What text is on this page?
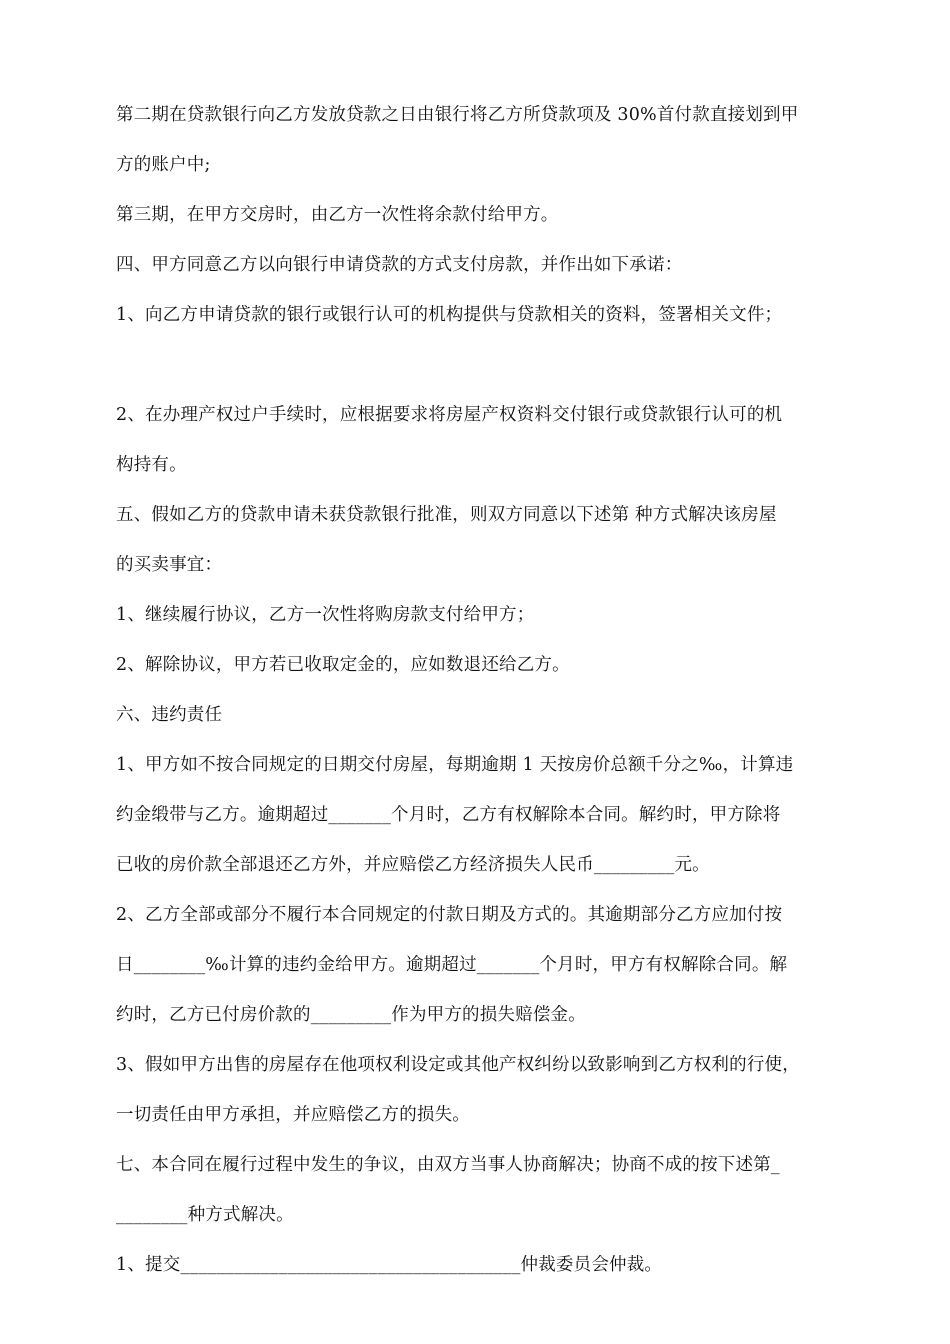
第二期在贷款银行向乙方发放贷款之日由银行将乙方所贷款项及 30%首付款直接划到甲
方的账户中;
第三期，在甲方交房时，由乙方一次性将余款付给甲方。
四、甲方同意乙方以向银行申请贷款的方式支付房款，并作出如下承诺：
1、向乙方申请贷款的银行或银行认可的机构提供与贷款相关的资料，签署相关文件；
2、在办理产权过户手续时，应根据要求将房屋产权资料交付银行或贷款银行认可的机
构持有。
五、假如乙方的贷款申请未获贷款银行批准，则双方同意以下述第 种方式解决该房屋
的买卖事宜：
1、继续履行协议，乙方一次性将购房款支付给甲方；
2、解除协议，甲方若已收取定金的，应如数退还给乙方。
六、违约责任
1、甲方如不按合同规定的日期交付房屋，每期逾期 1 天按房价总额千分之‰，计算违
约金缎带与乙方。逾期超过_______个月时，乙方有权解除本合同。解约时，甲方除将
已收的房价款全部退还乙方外，并应赔偿乙方经济损失人民币_________元。
2、乙方全部或部分不履行本合同规定的付款日期及方式的。其逾期部分乙方应加付按
日________‰计算的违约金给甲方。逾期超过_______个月时，甲方有权解除合同。解
约时，乙方已付房价款的_________作为甲方的损失赔偿金。
3、假如甲方出售的房屋存在他项权利设定或其他产权纠纷以致影响到乙方权利的行使，
一切责任由甲方承担，并应赔偿乙方的损失。
七、本合同在履行过程中发生的争议，由双方当事人协商解决；协商不成的按下述第_
________种方式解决。
1、提交______________________________________仲裁委员会仲裁。
